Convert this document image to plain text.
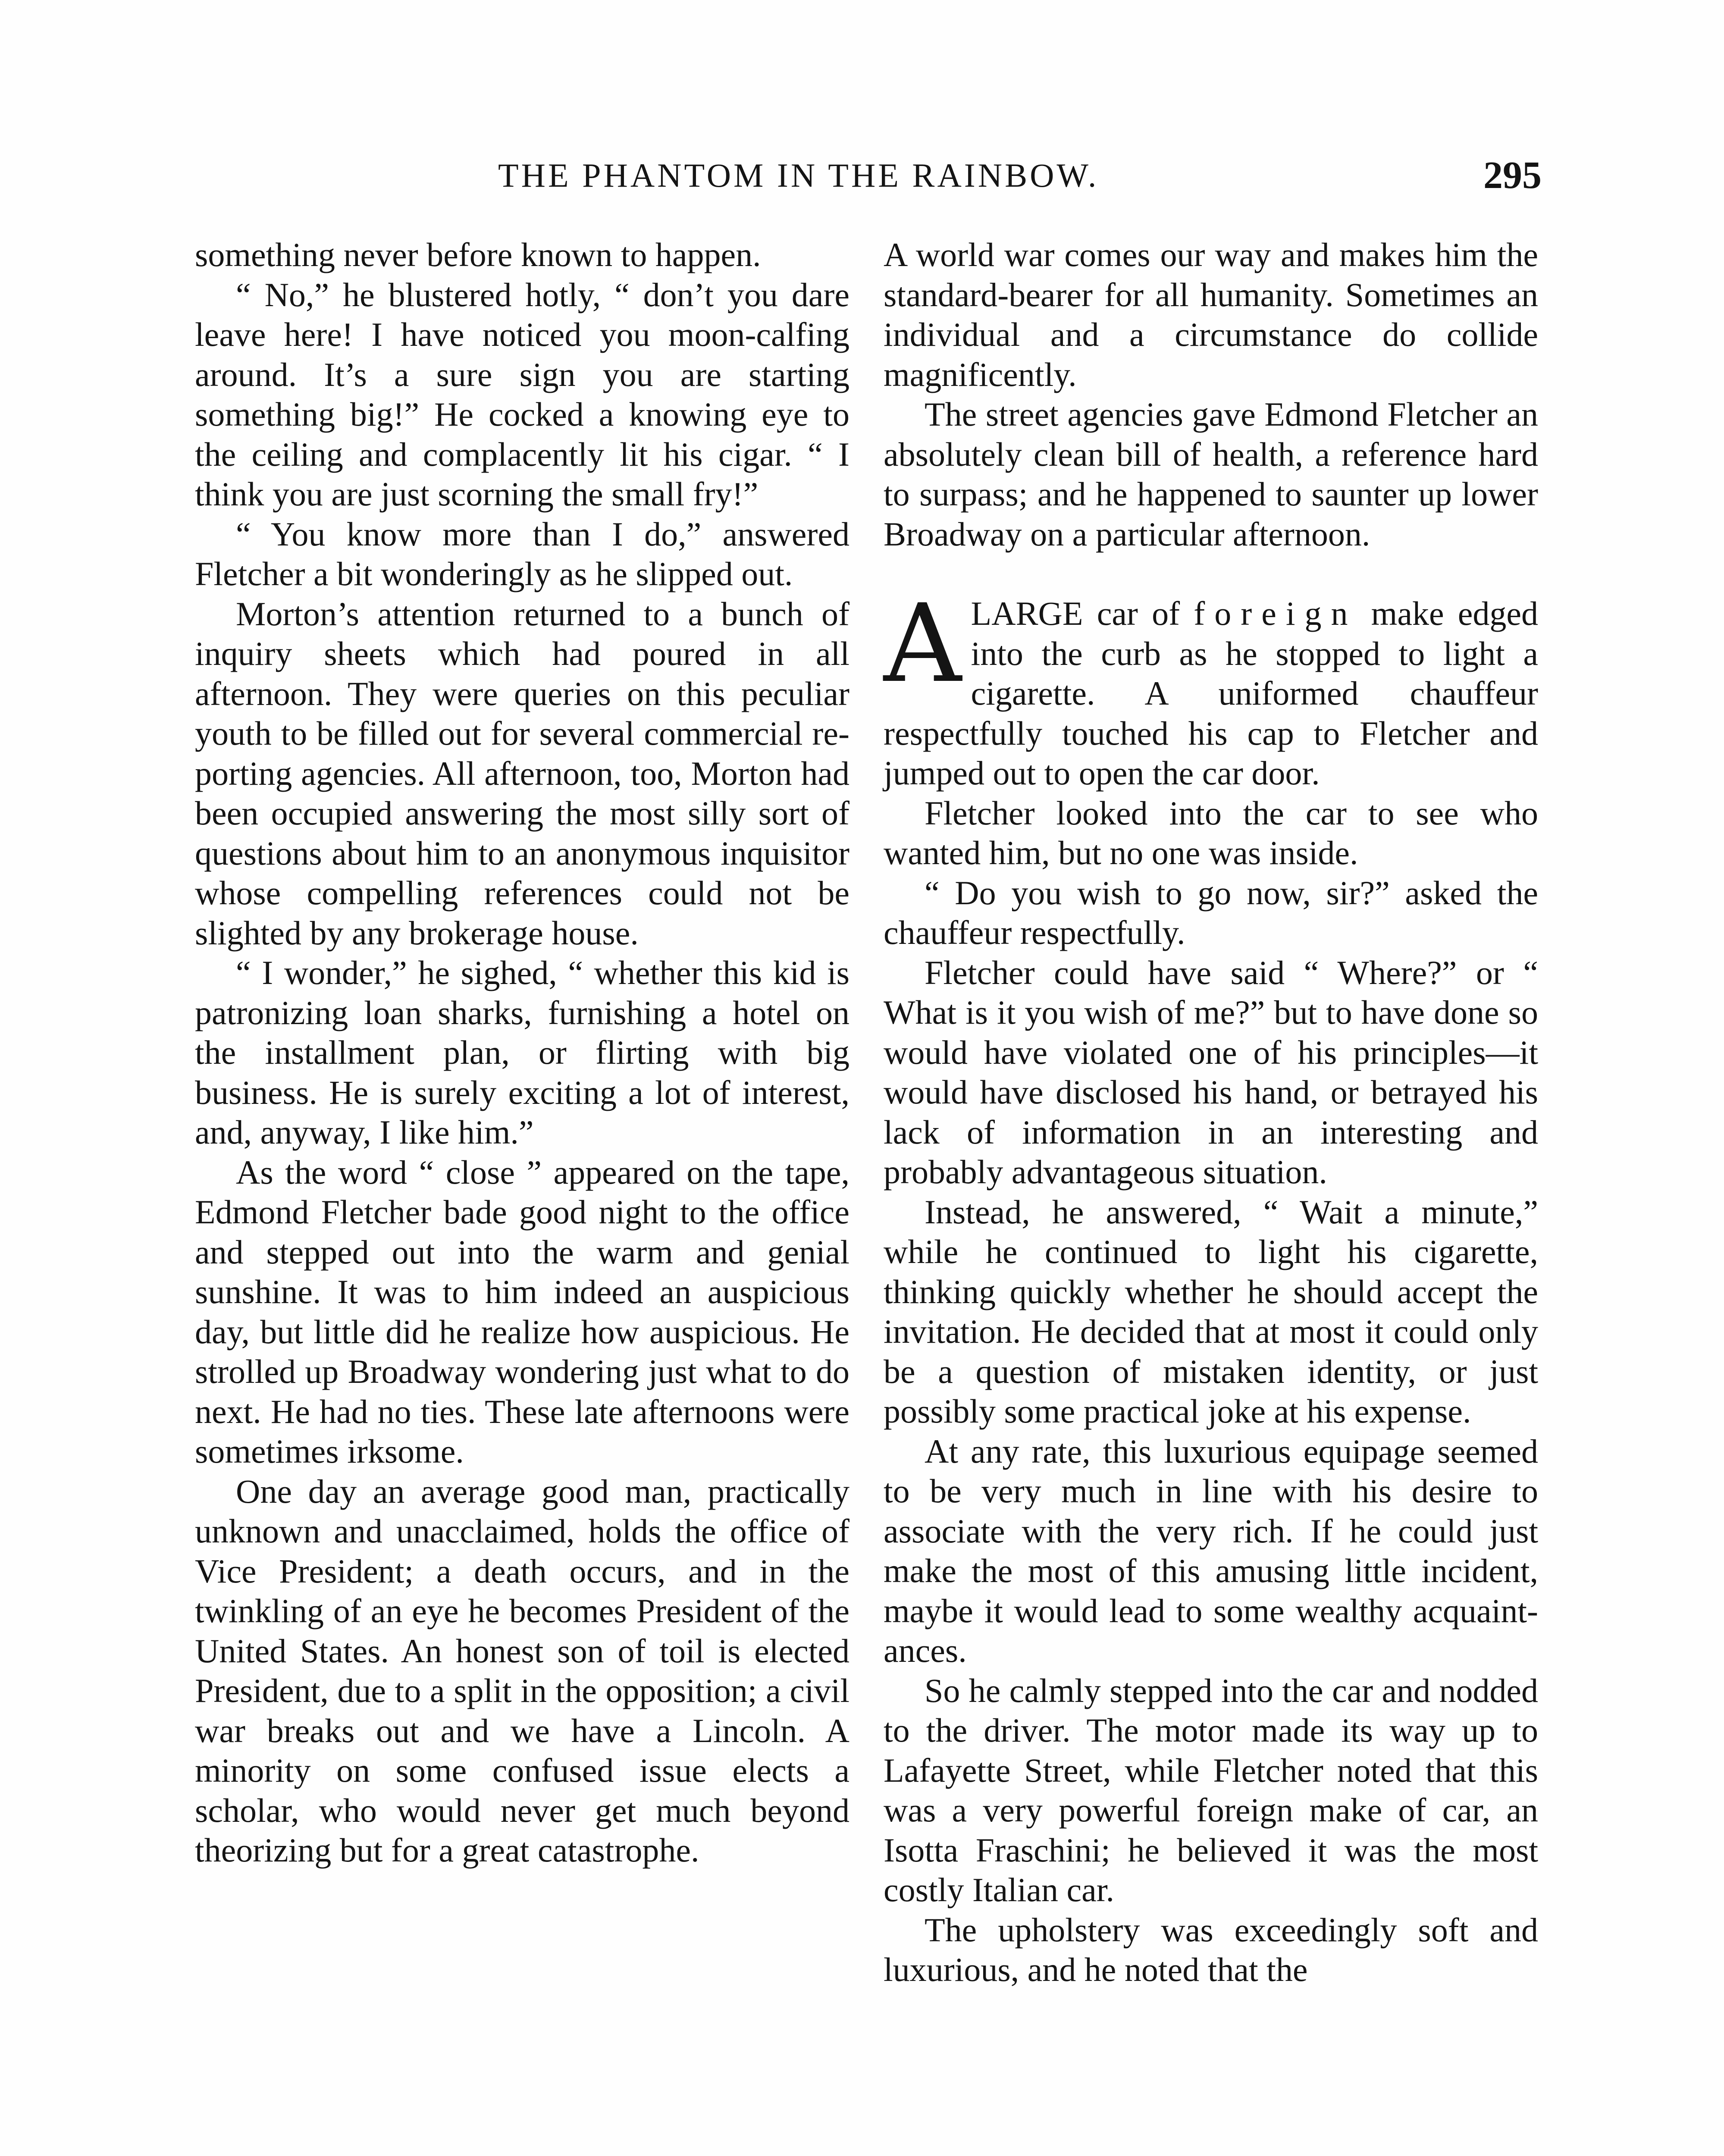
THE PHANTOM IN THE RAINBOW.	295

something never before known to happen.

“ No,” he blustered hotly, “ don’t you dare leave here! I have noticed you moon-calfing around. It’s a sure sign you are starting something big!” He cocked a knowing eye to the ceiling and complacently lit his cigar. “ I think you are just scorning the small fry!”

“ You know more than I do,” answered Fletcher a bit wonderingly as he slipped out.

Morton’s attention returned to a bunch of inquiry sheets which had poured in all afternoon. They were queries on this peculiar youth to be filled out for several commercial reporting agencies. All afternoon, too, Morton had been occupied answering the most silly sort of questions about him to an anonymous inquisitor whose compelling references could not be slighted by any brokerage house.

“ I wonder,” he sighed, “ whether this kid is patronizing loan sharks, furnishing a hotel on the installment plan, or flirting with big business. He is surely exciting a lot of interest, and, anyway, I like him.”

As the word “ close ” appeared on the tape, Edmond Fletcher bade good night to the office and stepped out into the warm and genial sunshine. It was to him indeed an auspicious day, but little did he realize how auspicious. He strolled up Broadway wondering just what to do next. He had no ties. These late afternoons were sometimes irksome.

One day an average good man, practically unknown and unacclaimed, holds the office of Vice President; a death occurs, and in the twinkling of an eye he becomes President of the United States. An honest son of toil is elected President, due to a split in the opposition; a civil war breaks out and we have a Lincoln. A minority on some confused issue elects a scholar, who would never get much beyond theorizing but for a great catastrophe.

A world war comes our way and makes him the standard-bearer for all humanity. Sometimes an individual and a circumstance do collide magnificently.

The street agencies gave Edmond Fletcher an absolutely clean bill of health, a reference hard to surpass; and he happened to saunter up lower Broadway on a particular afternoon.

ALARGE car of foreign make edged into the curb as he stopped to light a cigarette. A uniformed chauffeur respectfully touched his cap to Fletcher and jumped out to open the car door.

Fletcher looked into the car to see who wanted him, but no one was inside.

“ Do you wish to go now, sir?” asked the chauffeur respectfully.

Fletcher could have said “ Where?” or “ What is it you wish of me?” but to have done so would have violated one of his principles—it would have disclosed his hand, or betrayed his lack of information in an interesting and probably advantageous situation.

Instead, he answered, “ Wait a minute,” while he continued to light his cigarette, thinking quickly whether he should accept the invitation. He decided that at most it could only be a question of mistaken identity, or just possibly some practical joke at his expense.

At any rate, this luxurious equipage seemed to be very much in line with his desire to associate with the very rich. If he could just make the most of this amusing little incident, maybe it would lead to some wealthy acquaintances.

So he calmly stepped into the car and nodded to the driver. The motor made its way up to Lafayette Street, while Fletcher noted that this was a very powerful foreign make of car, an Isotta Fraschini; he believed it was the most costly Italian car.

The upholstery was exceedingly soft and luxurious, and he noted that the
